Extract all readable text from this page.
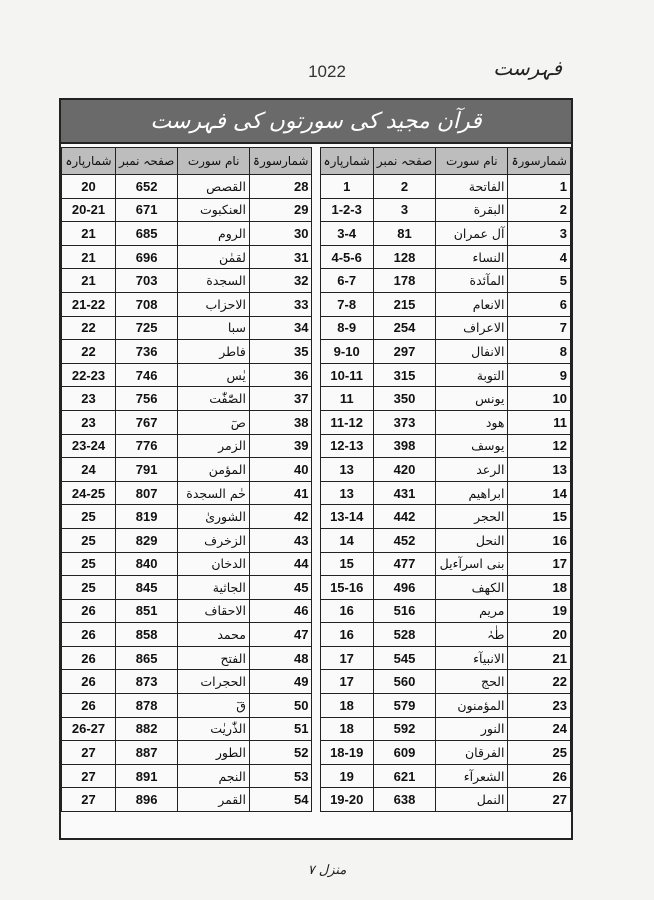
فہرست
1022
قرآن مجید کی سورتوں کی فہرست
شمارسورۃ	نام سورت	صفحہ نمبر	شمارپارہ
1	الفاتحة	2	1
2	البقرة	3	1-2-3
3	آل عمران	81	3-4
4	النساء	128	4-5-6
5	المآئدة	178	6-7
6	الانعام	215	7-8
7	الاعراف	254	8-9
8	الانفال	297	9-10
9	التوبة	315	10-11
10	یونس	350	11
11	ھود	373	11-12
12	یوسف	398	12-13
13	الرعد	420	13
14	ابراھیم	431	13
15	الحجر	442	13-14
16	النحل	452	14
17	بنی اسرآءیل	477	15
18	الکھف	496	15-16
19	مریم	516	16
20	طٰہٰ	528	16
21	الانبیآء	545	17
22	الحج	560	17
23	المؤمنون	579	18
24	النور	592	18
25	الفرقان	609	18-19
26	الشعرآء	621	19
27	النمل	638	19-20
شمارسورۃ	نام سورت	صفحہ نمبر	شمارپارہ
28	القصص	652	20
29	العنکبوت	671	20-21
30	الروم	685	21
31	لقمٰن	696	21
32	السجدة	703	21
33	الاحزاب	708	21-22
34	سبا	725	22
35	فاطر	736	22
36	یٰس	746	22-23
37	الصّٰفّٰت	756	23
38	صٓ	767	23
39	الزمر	776	23-24
40	المؤمن	791	24
41	حٰم السجدة	807	24-25
42	الشوریٰ	819	25
43	الزخرف	829	25
44	الدخان	840	25
45	الجاثیة	845	25
46	الاحقاف	851	26
47	محمد	858	26
48	الفتح	865	26
49	الحجرات	873	26
50	قٓ	878	26
51	الذّٰریٰت	882	26-27
52	الطور	887	27
53	النجم	891	27
54	القمر	896	27
منزل ۷
